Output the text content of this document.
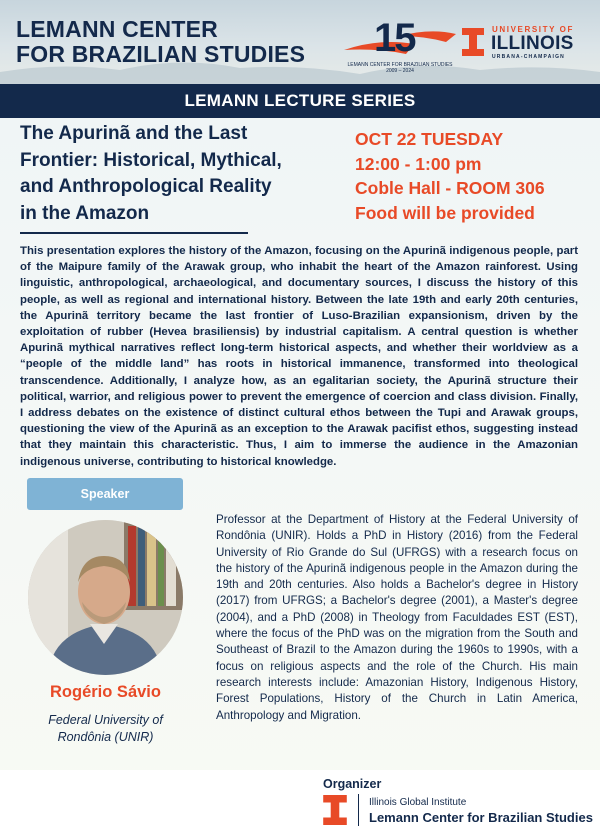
LEMANN CENTER
FOR BRAZILIAN STUDIES 15
LEMANN CENTER FOR BRAZILIAN STUDIES
2009 – 2024
UNIVERSITY OF
ILLINOIS
URBANA-CHAMPAIGN
LEMANN LECTURE SERIES
The Apurinã and the Last
Frontier: Historical, Mythical,
and Anthropological Reality
in the Amazon
OCT 22 TUESDAY
12:00 - 1:00 pm
Coble Hall - ROOM 306
Food will be provided
This presentation explores the history of the Amazon, focusing on the Apurinã indigenous people, part of the Maipure family of the Arawak group, who inhabit the heart of the Amazon rainforest. Using linguistic, anthropological, archaeological, and documentary sources, I discuss the history of this people, as well as regional and international history. Between the late 19th and early 20th centuries, the Apurinã territory became the last frontier of Luso-Brazilian expansionism, driven by the exploitation of rubber (Hevea brasiliensis) by industrial capitalism. A central question is whether Apurinã mythical narratives reflect long-term historical aspects, and whether their worldview as a “people of the middle land” has roots in historical immanence, transformed into theological transcendence. Additionally, I analyze how, as an egalitarian society, the Apurinã structure their political, warrior, and religious power to prevent the emergence of coercion and class division. Finally, I address debates on the existence of distinct cultural ethos between the Tupi and Arawak groups, questioning the view of the Apurinã as an exception to the Arawak pacifist ethos, suggesting instead that they maintain this characteristic. Thus, I aim to immerse the audience in the Amazonian indigenous universe, contributing to historical knowledge.
Speaker
Rogério Sávio
Federal University of
Rondônia (UNIR)
Professor at the Department of History at the Federal University of Rondônia (UNIR). Holds a PhD in History (2016) from the Federal University of Rio Grande do Sul (UFRGS) with a research focus on the history of the Apurinã indigenous people in the Amazon during the 19th and 20th centuries. Also holds a Bachelor's degree in History (2017) from UFRGS; a Bachelor's degree (2001), a Master's degree (2004), and a PhD (2008) in Theology from Faculdades EST (EST), where the focus of the PhD was on the migration from the South and Southeast of Brazil to the Amazon during the 1960s to 1990s, with a focus on religious aspects and the role of the Church. His main research interests include: Amazonian History, Indigenous History, Forest Populations, History of the Church in Latin America, Anthropology and Migration.
Organizer
Illinois Global Institute
Lemann Center for Brazilian Studies
